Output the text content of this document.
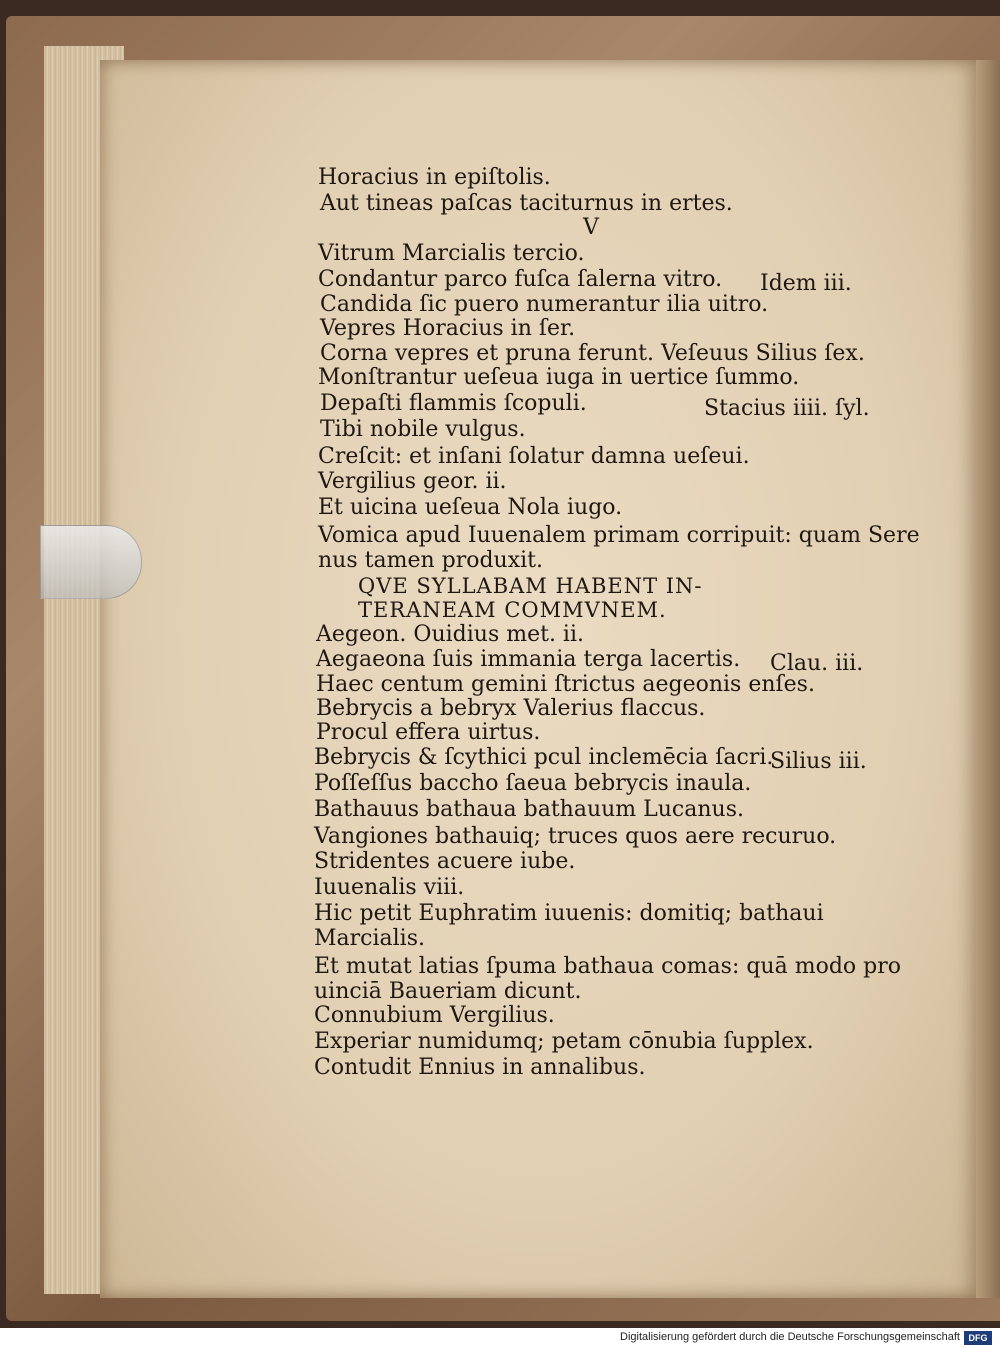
Horacius in epiſtolis.
Aut tineas paſcas taciturnus in ertes.
V
Vitrum Marcialis tercio.
Condantur parco fuſca ſalerna vitro. Idem iii.
Candida ſic puero numerantur ilia uitro.
Vepres Horacius in ſer.
Corna vepres et pruna ferunt. Veſeuus Silius ſex.
Monſtrantur ueſeua iuga in uertice ſummo.
Depaſti flammis ſcopuli.	Stacius iiii. ſyl.
Tibi nobile vulgus.
Creſcit: et inſani ſolatur damna ueſeui.
Vergilius geor. ii.
Et uicina ueſeua Nola iugo.
Vomica apud Iuuenalem primam corripuit: quam Sere
nus tamen produxit.
QVE SYLLABAM HABENT IN-
TERANEAM COMMVNEM.
Aegeon. Ouidius met. ii.
Aegaeona ſuis immania terga lacertis. Clau. iii.
Haec centum gemini ſtrictus aegeonis enſes.
Bebrycis a bebryx Valerius flaccus.
Procul effera uirtus.
Bebrycis & ſcythici pcul inclemēcia ſacri.
Silius iii.
Poſſeſſus baccho ſaeua bebrycis inaula.
Bathauus bathaua bathauum Lucanus.
Vangiones bathauiq; truces quos aere recuruo.
Stridentes acuere iube.
Iuuenalis viii.
Hic petit Euphratim iuuenis: domitiq; bathaui
Marcialis.
Et mutat latias ſpuma bathaua comas: quā modo pro
uinciā Baueriam dicunt.
Connubium Vergilius.
Experiar numidumq; petam cōnubia ſupplex.
Contudit Ennius in annalibus.
Digitalisierung gefördert durch die Deutsche Forschungsgemeinschaft DFG
